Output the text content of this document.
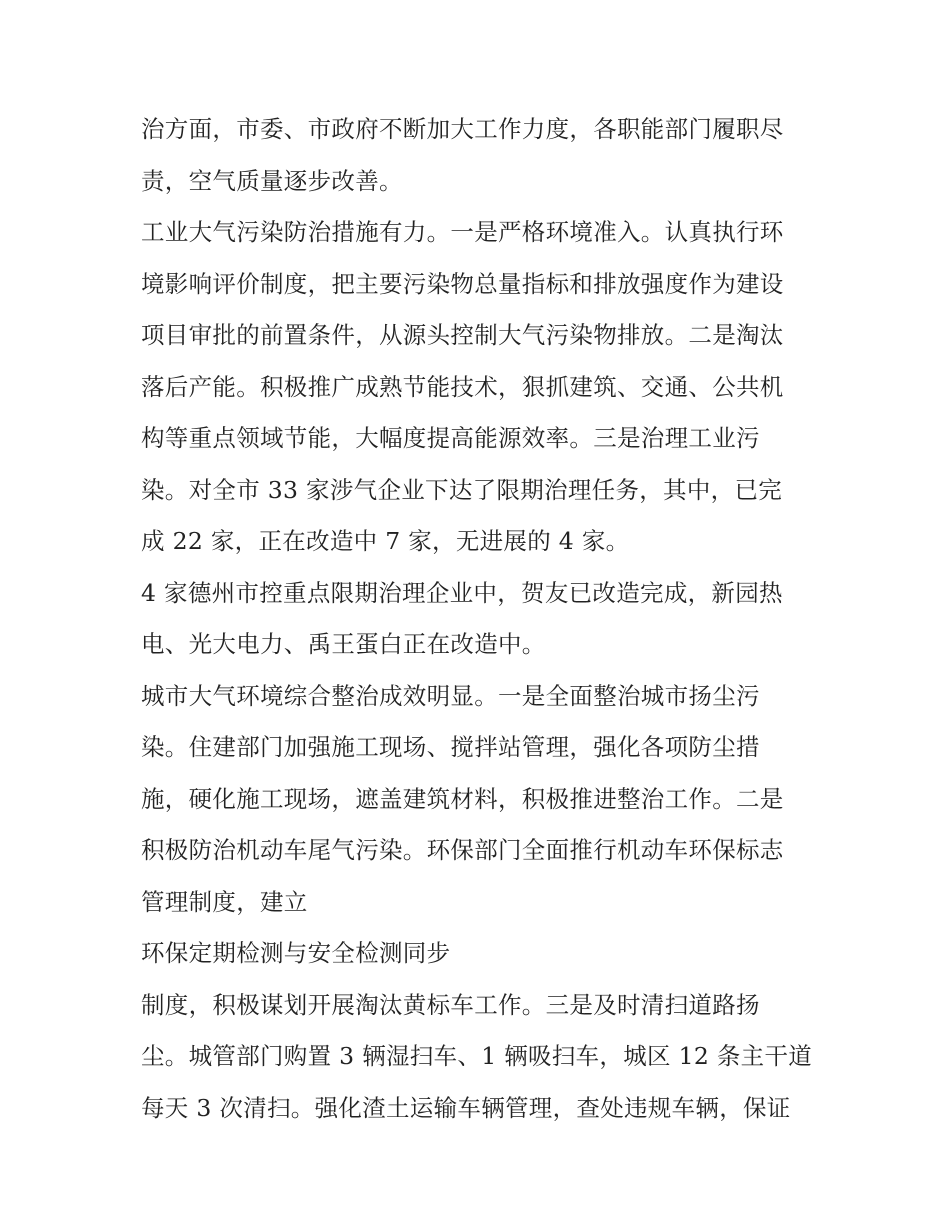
治方面，市委、市政府不断加大工作力度，各职能部门履职尽
责，空气质量逐步改善。
工业大气污染防治措施有力。一是严格环境准入。认真执行环
境影响评价制度，把主要污染物总量指标和排放强度作为建设
项目审批的前置条件，从源头控制大气污染物排放。二是淘汰
落后产能。积极推广成熟节能技术，狠抓建筑、交通、公共机
构等重点领域节能，大幅度提高能源效率。三是治理工业污
染。对全市 33 家涉气企业下达了限期治理任务，其中，已完
成 22 家，正在改造中 7 家，无进展的 4 家。
4 家德州市控重点限期治理企业中，贺友已改造完成，新园热
电、光大电力、禹王蛋白正在改造中。
城市大气环境综合整治成效明显。一是全面整治城市扬尘污
染。住建部门加强施工现场、搅拌站管理，强化各项防尘措
施，硬化施工现场，遮盖建筑材料，积极推进整治工作。二是
积极防治机动车尾气污染。环保部门全面推行机动车环保标志
管理制度，建立
环保定期检测与安全检测同步
制度，积极谋划开展淘汰黄标车工作。三是及时清扫道路扬
尘。城管部门购置 3 辆湿扫车、1 辆吸扫车，城区 12 条主干道
每天 3 次清扫。强化渣土运输车辆管理，查处违规车辆，保证
